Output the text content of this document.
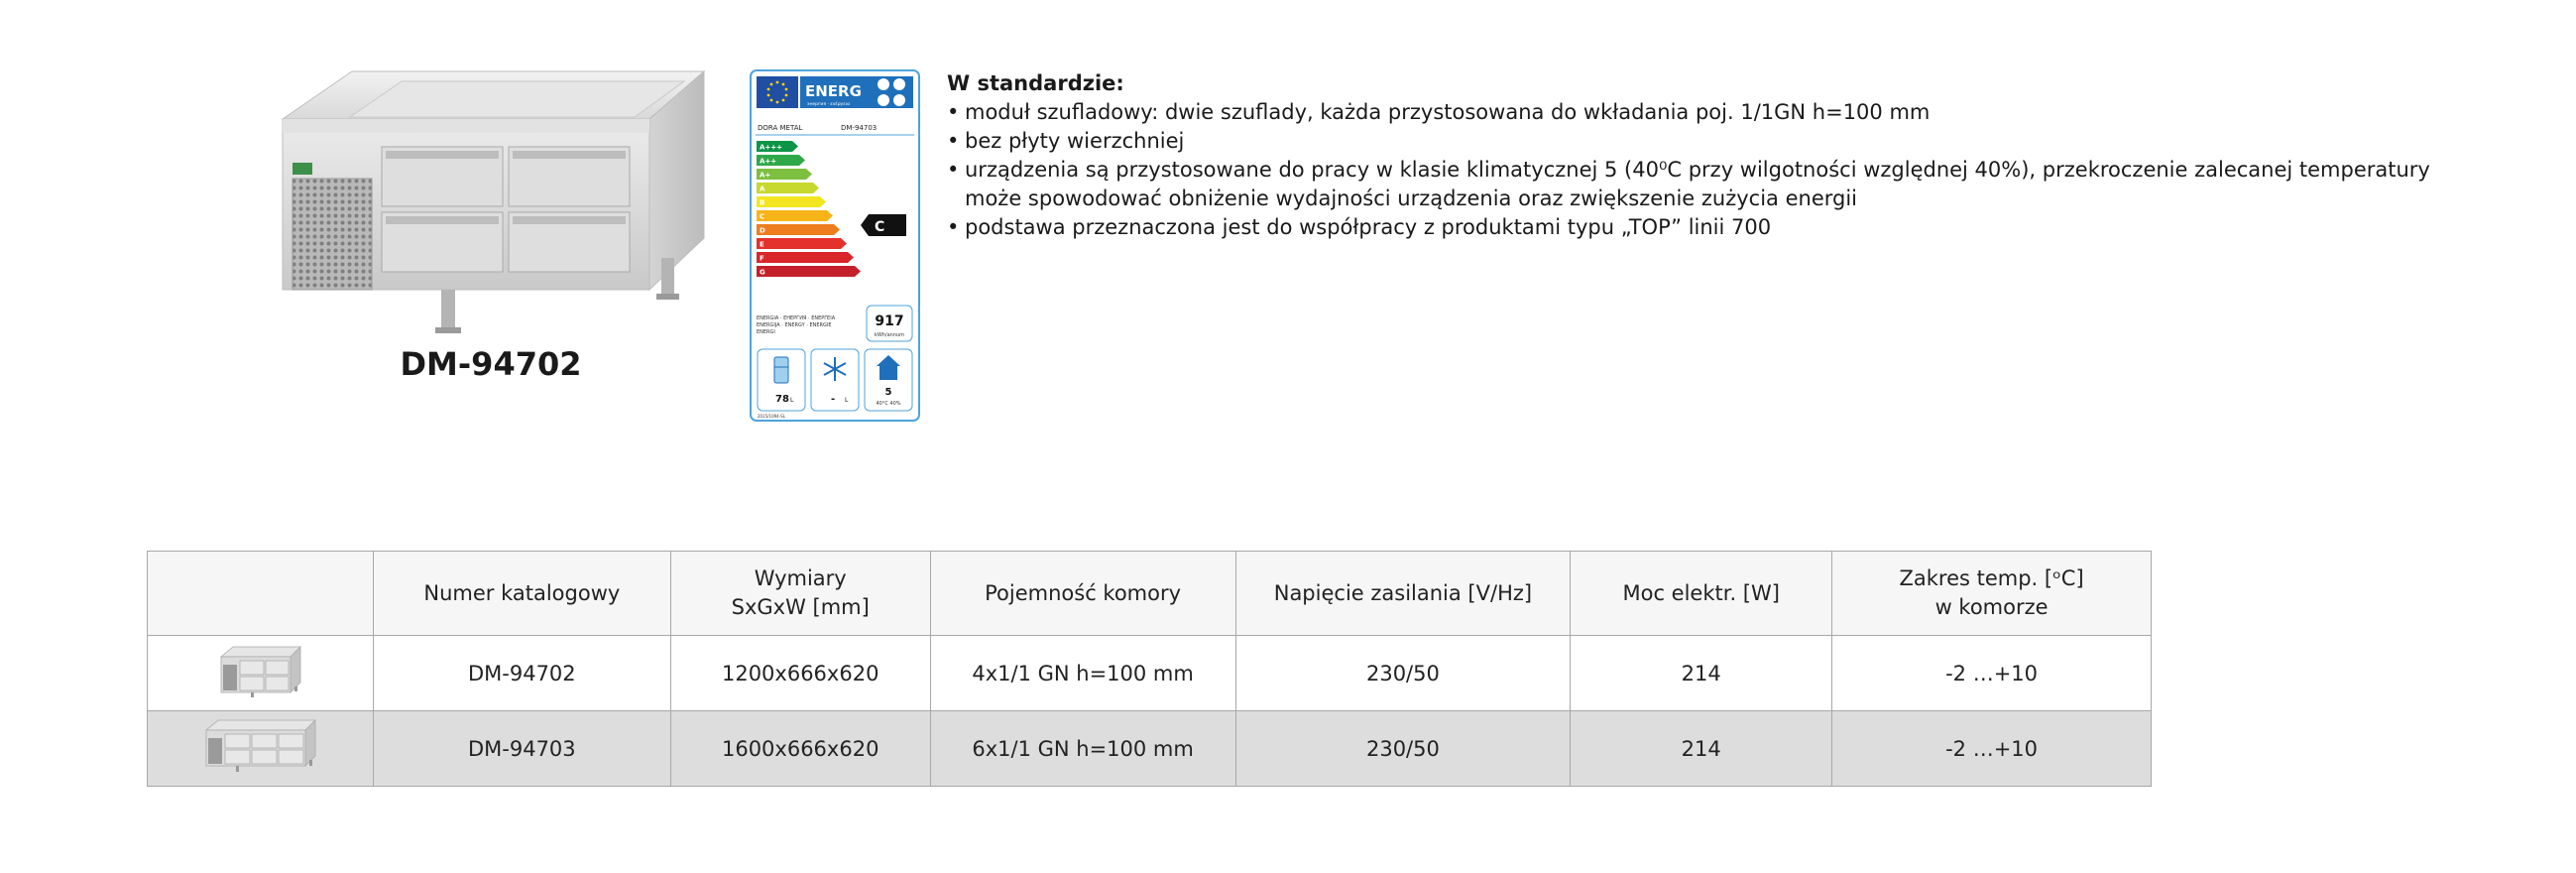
DM-94702
ENERG
энергия · ενέργεια
DORA METAL	DM-94703
A+++
A++
A+
A
B
C
D
E
F
G
C
ENERGIA · ЕНЕРГИЯ · ΕΝΕΡΓΕΙΑ
ENERGIJA · ENERGY · ENERGIE
ENERGI
917
kWh/annum
78 L	- L
5
40°C 40%
2015/1094-SL
W standardzie:
• moduł szufladowy: dwie szuflady, każda przystosowana do wkładania poj. 1/1GN h=100 mm
• bez płyty wierzchniej
• urządzenia są przystosowane do pracy w klasie klimatycznej 5 (40⁰C przy wilgotności względnej 40%), przekroczenie zalecanej temperatury może spowodować obniżenie wydajności urządzenia oraz zwiększenie zużycia energii
• podstawa przeznaczona jest do współpracy z produktami typu „TOP” linii 700
	Numer katalogowy	Wymiary
SxGxW [mm]	Pojemność komory	Napięcie zasilania [V/Hz]	Moc elektr. [W]	Zakres temp. [ᵒC]
w komorze

	DM-94702	1200x666x620	4x1/1 GN h=100 mm	230/50	214	-2 …+10
	DM-94703	1600x666x620	6x1/1 GN h=100 mm	230/50	214	-2 …+10
